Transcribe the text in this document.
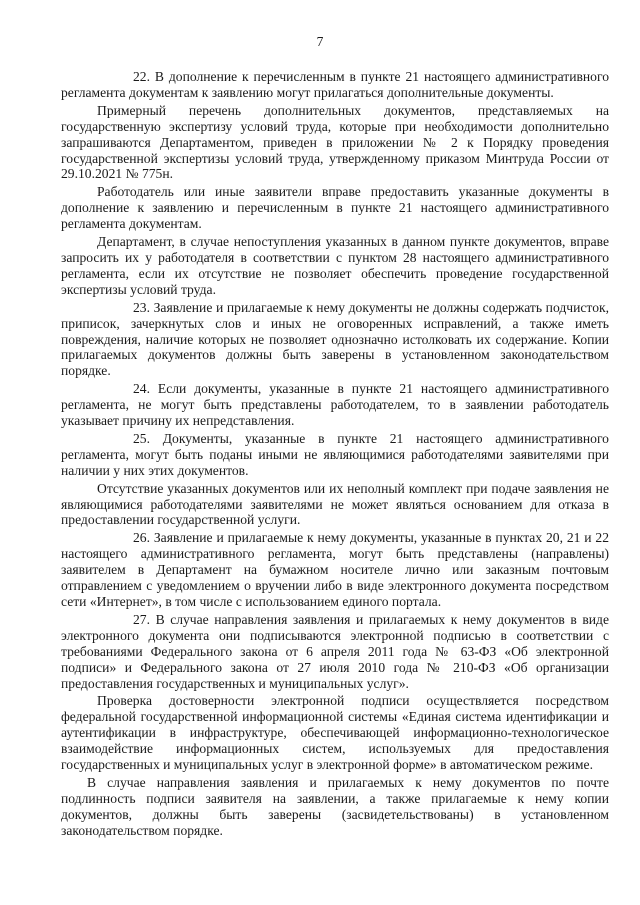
7

22. В дополнение к перечисленным в пункте 21 настоящего административного регламента документам к заявлению могут прилагаться дополнительные документы.

Примерный перечень дополнительных документов, представляемых на государственную экспертизу условий труда, которые при необходимости дополнительно запрашиваются Департаментом, приведен в приложении № 2 к Порядку проведения государственной экспертизы условий труда, утвержденному приказом Минтруда России от 29.10.2021 № 775н.

Работодатель или иные заявители вправе предоставить указанные документы в дополнение к заявлению и перечисленным в пункте 21 настоящего административного регламента документам.

Департамент, в случае непоступления указанных в данном пункте документов, вправе запросить их у работодателя в соответствии с пунктом 28 настоящего административного регламента, если их отсутствие не позволяет обеспечить проведение государственной экспертизы условий труда.

23. Заявление и прилагаемые к нему документы не должны содержать подчисток, приписок, зачеркнутых слов и иных не оговоренных исправлений, а также иметь повреждения, наличие которых не позволяет однозначно истолковать их содержание. Копии прилагаемых документов должны быть заверены в установленном законодательством порядке.

24. Если документы, указанные в пункте 21 настоящего административного регламента, не могут быть представлены работодателем, то в заявлении работодатель указывает причину их непредставления.

25. Документы, указанные в пункте 21 настоящего административного регламента, могут быть поданы иными не являющимися работодателями заявителями при наличии у них этих документов.

Отсутствие указанных документов или их неполный комплект при подаче заявления не являющимися работодателями заявителями не может являться основанием для отказа в предоставлении государственной услуги.

26. Заявление и прилагаемые к нему документы, указанные в пунктах 20, 21 и 22 настоящего административного регламента, могут быть представлены (направлены) заявителем в Департамент на бумажном носителе лично или заказным почтовым отправлением с уведомлением о вручении либо в виде электронного документа посредством сети «Интернет», в том числе с использованием единого портала.

27. В случае направления заявления и прилагаемых к нему документов в виде электронного документа они подписываются электронной подписью в соответствии с требованиями Федерального закона от 6 апреля 2011 года № 63-ФЗ «Об электронной подписи» и Федерального закона от 27 июля 2010 года № 210-ФЗ «Об организации предоставления государственных и муниципальных услуг».

Проверка достоверности электронной подписи осуществляется посредством федеральной государственной информационной системы «Единая система идентификации и аутентификации в инфраструктуре, обеспечивающей информационно-технологическое взаимодействие информационных систем, используемых для предоставления государственных и муниципальных услуг в электронной форме» в автоматическом режиме.

В случае направления заявления и прилагаемых к нему документов по почте подлинность подписи заявителя на заявлении, а также прилагаемые к нему копии документов, должны быть заверены (засвидетельствованы) в установленном законодательством порядке.
